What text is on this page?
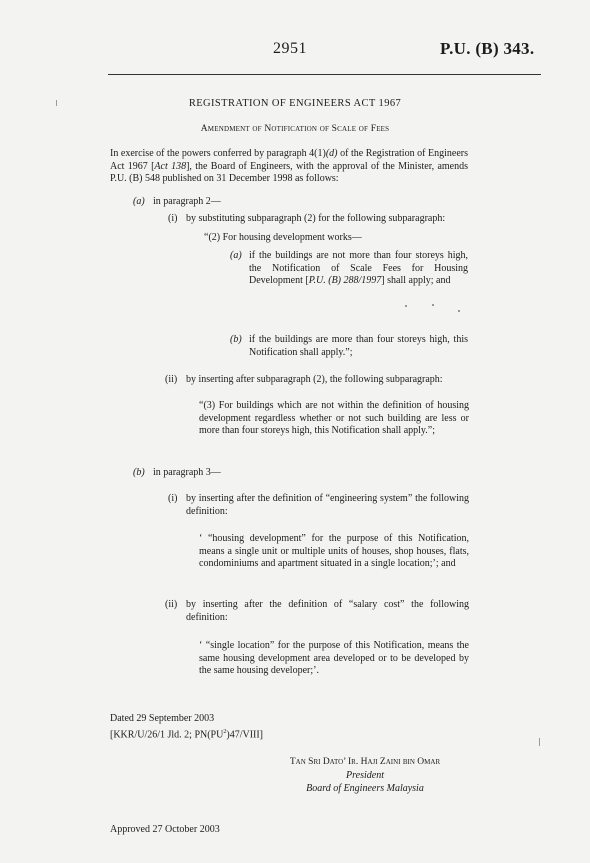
2951	P.U. (B) 343.
REGISTRATION OF ENGINEERS ACT 1967
Amendment of Notification of Scale of Fees
In exercise of the powers conferred by paragraph 4(1)(d) of the Registration of Engineers Act 1967 [Act 138], the Board of Engineers, with the approval of the Minister, amends P.U. (B) 548 published on 31 December 1998 as follows:
(a) in paragraph 2—
(i) by substituting subparagraph (2) for the following subparagraph:
“(2) For housing development works—
(a) if the buildings are not more than four storeys high, the Notification of Scale Fees for Housing Development [P.U. (B) 288/1997] shall apply; and
(b) if the buildings are more than four storeys high, this Notification shall apply.”;
(ii) by inserting after subparagraph (2), the following subparagraph:
“(3) For buildings which are not within the definition of housing development regardless whether or not such building are less or more than four storeys high, this Notification shall apply.”;
(b) in paragraph 3—
(i) by inserting after the definition of “engineering system” the following definition:
‘ “housing development” for the purpose of this Notification, means a single unit or multiple units of houses, shop houses, flats, condominiums and apartment situated in a single location;’; and
(ii) by inserting after the definition of “salary cost” the following definition:
‘ “single location” for the purpose of this Notification, means the same housing development area developed or to be developed by the same housing developer;’.
Dated 29 September 2003
[KKR/U/26/1 Jld. 2; $PN(PU^2)47/VIII$]
Tan Sri Dato’ Ir. Haji Zaini bin Omar
President
Board of Engineers Malaysia
Approved 27 October 2003
